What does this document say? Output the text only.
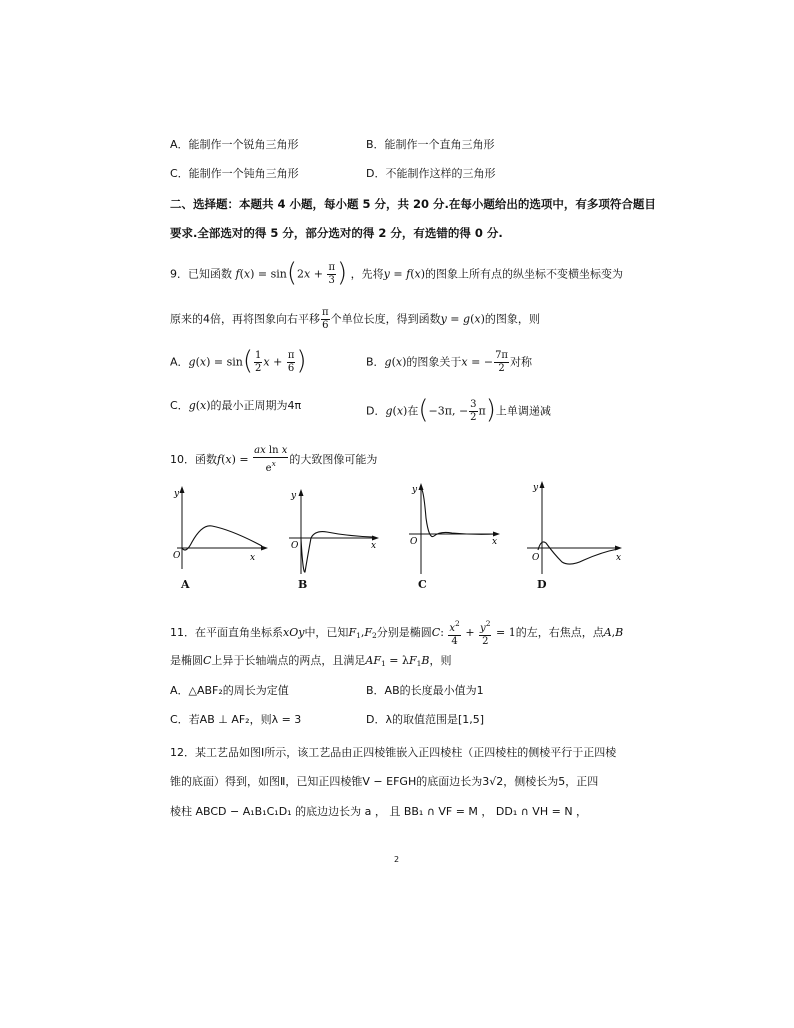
A．能制作一个锐角三角形	B．能制作一个直角三角形
C．能制作一个钝角三角形	D．不能制作这样的三角形
二、选择题：本题共 4 小题，每小题 5 分，共 20 分.在每小题给出的选项中，有多项符合题目
要求.全部选对的得 5 分，部分选对的得 2 分，有选错的得 0 分.
9．已知函数 $f(x) = \sin(2x + \frac{\pi}{3}$ ) ，先将y = f(x)的图象上所有点的纵坐标不变横坐标变为
原来的4倍，再将图象向右平移 $\frac{\pi}{6}$ 个单位长度，得到函数y = g(x)的图象，则
A．$g(x) = \sin( \frac{1}{2}$ $x + \frac{\pi}{6}$ )	B．g(x)的图象关于x = − $\frac{7\pi}{2}$ 对称
C．g(x)的最小正周期为4π	D．g(x)在(−3π, − $\frac{3}{2} \pi$)上单调递减
10．函数$f(x) = \frac{\text{ax ln x}}{e^x}$ 的大致图像可能为
y
x
O
A
y
x
O
B
y
x
O
C
y
x
O
D
11．在平面直角坐标系xOy中，已知$F_1,F_2$分别是椭圆C: $\frac{x^2}{4} + \frac{y^2}{2} = 1$的左，右焦点，点A,B
是椭圆C上异于长轴端点的两点，且满足$AF_1 = \lambda F_1B$，则
A．△ABF₂的周长为定值	B．AB的长度最小值为1
C．若AB ⊥ AF₂，则λ = 3	D．λ的取值范围是[1,5]
12．某工艺品如图Ⅰ所示，该工艺品由正四棱锥嵌入正四棱柱（正四棱柱的侧棱平行于正四棱
锥的底面）得到，如图Ⅱ，已知正四棱锥V − EFGH的底面边长为3√2，侧棱长为5，正四
棱柱 ABCD − A₁B₁C₁D₁ 的底边边长为 a ， 且 BB₁ ∩ VF = M ， DD₁ ∩ VH = N ，
2
